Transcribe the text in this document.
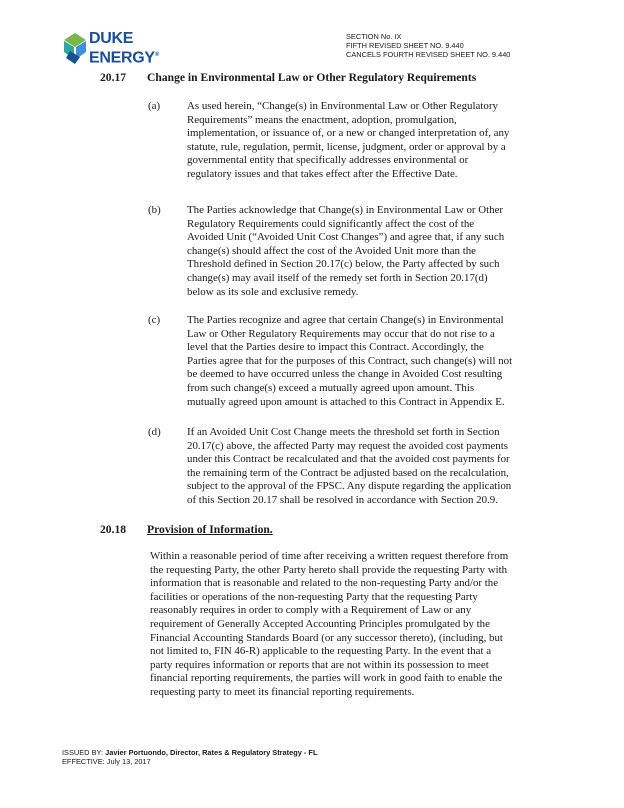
DUKE
ENERGY®
SECTION No. IX
FIFTH REVISED SHEET NO. 9.440
CANCELS FOURTH REVISED SHEET NO. 9.440
20.17 Change in Environmental Law or Other Regulatory Requirements
(a) As used herein, “Change(s) in Environmental Law or Other Regulatory
Requirements” means the enactment, adoption, promulgation,
implementation, or issuance of, or a new or changed interpretation of, any
statute, rule, regulation, permit, license, judgment, order or approval by a
governmental entity that specifically addresses environmental or
regulatory issues and that takes effect after the Effective Date.
(b) The Parties acknowledge that Change(s) in Environmental Law or Other
Regulatory Requirements could significantly affect the cost of the
Avoided Unit (“Avoided Unit Cost Changes”) and agree that, if any such
change(s) should affect the cost of the Avoided Unit more than the
Threshold defined in Section 20.17(c) below, the Party affected by such
change(s) may avail itself of the remedy set forth in Section 20.17(d)
below as its sole and exclusive remedy.
(c) The Parties recognize and agree that certain Change(s) in Environmental
Law or Other Regulatory Requirements may occur that do not rise to a
level that the Parties desire to impact this Contract. Accordingly, the
Parties agree that for the purposes of this Contract, such change(s) will not
be deemed to have occurred unless the change in Avoided Cost resulting
from such change(s) exceed a mutually agreed upon amount. This
mutually agreed upon amount is attached to this Contract in Appendix E.
(d) If an Avoided Unit Cost Change meets the threshold set forth in Section
20.17(c) above, the affected Party may request the avoided cost payments
under this Contract be recalculated and that the avoided cost payments for
the remaining term of the Contract be adjusted based on the recalculation,
subject to the approval of the FPSC. Any dispute regarding the application
of this Section 20.17 shall be resolved in accordance with Section 20.9.
20.18 Provision of Information.
Within a reasonable period of time after receiving a written request therefore from
the requesting Party, the other Party hereto shall provide the requesting Party with
information that is reasonable and related to the non-requesting Party and/or the
facilities or operations of the non-requesting Party that the requesting Party
reasonably requires in order to comply with a Requirement of Law or any
requirement of Generally Accepted Accounting Principles promulgated by the
Financial Accounting Standards Board (or any successor thereto), (including, but
not limited to, FIN 46-R) applicable to the requesting Party. In the event that a
party requires information or reports that are not within its possession to meet
financial reporting requirements, the parties will work in good faith to enable the
requesting party to meet its financial reporting requirements.
ISSUED BY: Javier Portuondo, Director, Rates & Regulatory Strategy - FL
EFFECTIVE: July 13, 2017
